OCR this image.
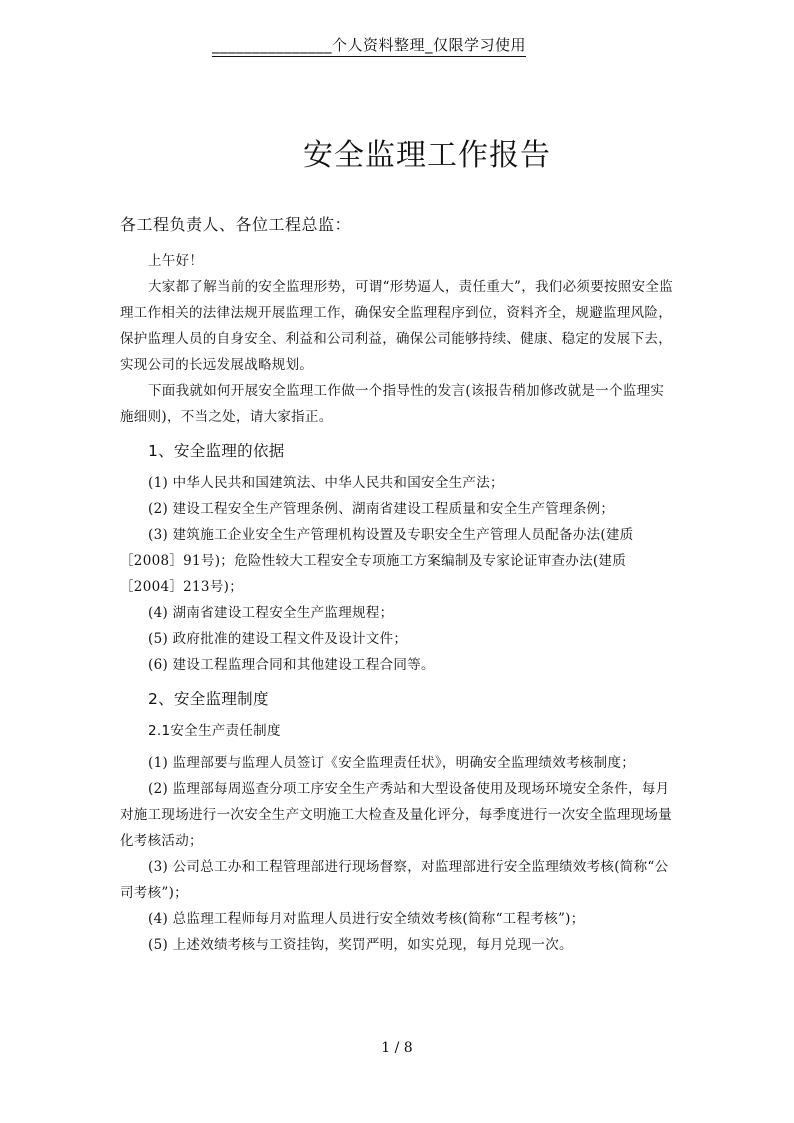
_______________个人资料整理_仅限学习使用
安全监理工作报告
各工程负责人、各位工程总监：

上午好！

大家都了解当前的安全监理形势，可谓“形势逼人，责任重大”，我们必须要按照安全监理工作相关的法律法规开展监理工作，确保安全监理程序到位，资料齐全，规避监理风险，保护监理人员的自身安全、利益和公司利益，确保公司能够持续、健康、稳定的发展下去，实现公司的长远发展战略规划。

下面我就如何开展安全监理工作做一个指导性的发言(该报告稍加修改就是一个监理实施细则)，不当之处，请大家指正。

1、安全监理的依据

(1) 中华人民共和国建筑法、中华人民共和国安全生产法；

(2) 建设工程安全生产管理条例、湖南省建设工程质量和安全生产管理条例；

(3) 建筑施工企业安全生产管理机构设置及专职安全生产管理人员配备办法(建质［2008］91号)；危险性较大工程安全专项施工方案编制及专家论证审查办法(建质［2004］213号)；

(4) 湖南省建设工程安全生产监理规程；

(5) 政府批准的建设工程文件及设计文件；

(6) 建设工程监理合同和其他建设工程合同等。

2、安全监理制度
2.1安全生产责任制度

(1) 监理部要与监理人员签订《安全监理责任状》，明确安全监理绩效考核制度；

(2) 监理部每周巡查分项工序安全生产秀站和大型设备使用及现场环境安全条件，每月对施工现场进行一次安全生产文明施工大检查及量化评分，每季度进行一次安全监理现场量化考核活动；

(3) 公司总工办和工程管理部进行现场督察，对监理部进行安全监理绩效考核(简称“公司考核”)；

(4) 总监理工程师每月对监理人员进行安全绩效考核(简称“工程考核”)；

(5) 上述效绩考核与工资挂钩，奖罚严明，如实兑现，每月兑现一次。

1 / 8
